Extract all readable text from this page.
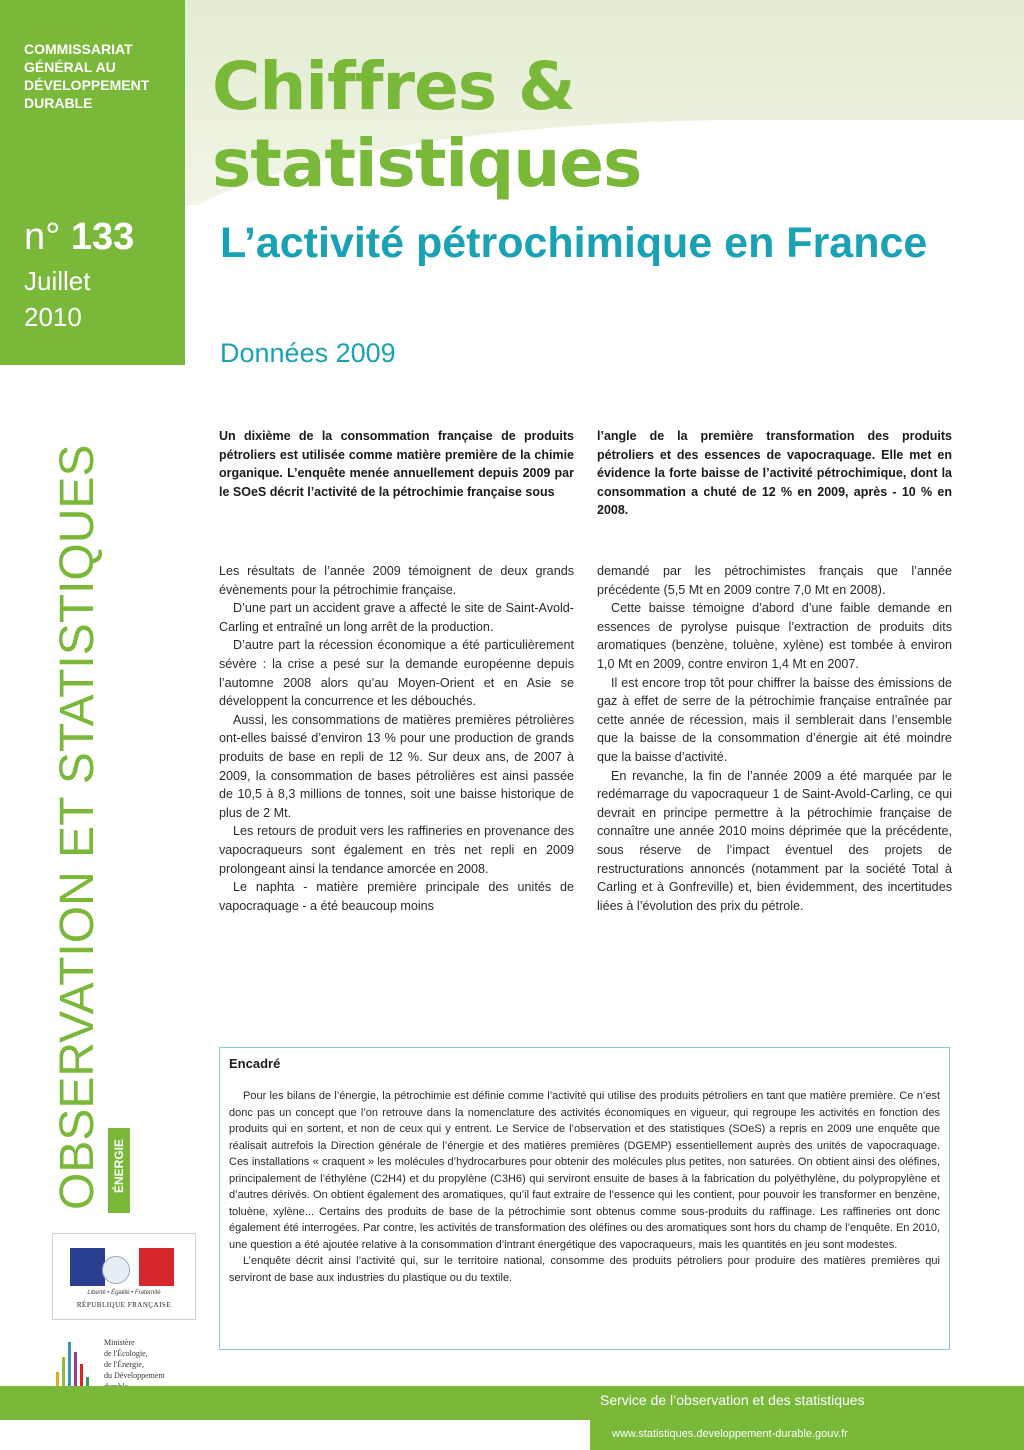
COMMISSARIAT
GÉNÉRAL AU
DÉVELOPPEMENT
DURABLE
n° 133
Juillet
2010
Chiffres & statistiques
L’activité pétrochimique en France
Données 2009
OBSERVATION ET STATISTIQUES ÉNERGIE
Liberté • Égalité • Fraternité
RÉPUBLIQUE FRANÇAISE
Ministère
de l'Écologie,
de l'Énergie,
du Développement
Un dixième de la consommation française de produits pétroliers est utilisée comme matière première de la chimie organique. L’enquête menée annuellement depuis 2009 par le SOeS décrit l’activité de la pétrochimie française sous
l’angle de la première transformation des produits pétroliers et des essences de vapocraquage. Elle met en évidence la forte baisse de l’activité pétrochimique, dont la consommation a chuté de 12 % en 2009, après - 10 % en 2008.

Les résultats de l’année 2009 témoignent de deux grands évènements pour la pétrochimie française.

D’une part un accident grave a affecté le site de Saint-Avold-Carling et entraîné un long arrêt de la production.

D’autre part la récession économique a été particulièrement sévère : la crise a pesé sur la demande européenne depuis l’automne 2008 alors qu’au Moyen-Orient et en Asie se développent la concurrence et les débouchés.

Aussi, les consommations de matières premières pétrolières ont-elles baissé d’environ 13 % pour une production de grands produits de base en repli de 12 %. Sur deux ans, de 2007 à 2009, la consommation de bases pétrolières est ainsi passée de 10,5 à 8,3 millions de tonnes, soit une baisse historique de plus de 2 Mt.

Les retours de produit vers les raffineries en provenance des vapocraqueurs sont également en très net repli en 2009 prolongeant ainsi la tendance amorcée en 2008.

Le naphta - matière première principale des unités de vapocraquage - a été beaucoup moins

demandé par les pétrochimistes français que l’année précédente (5,5 Mt en 2009 contre 7,0 Mt en 2008).

Cette baisse témoigne d’abord d’une faible demande en essences de pyrolyse puisque l’extraction de produits dits aromatiques (benzène, toluène, xylène) est tombée à environ 1,0 Mt en 2009, contre environ 1,4 Mt en 2007.

Il est encore trop tôt pour chiffrer la baisse des émissions de gaz à effet de serre de la pétrochimie française entraînée par cette année de récession, mais il semblerait dans l’ensemble que la baisse de la consommation d’énergie ait été moindre que la baisse d’activité.

En revanche, la fin de l’année 2009 a été marquée par le redémarrage du vapocraqueur 1 de Saint-Avold-Carling, ce qui devrait en principe permettre à la pétrochimie française de connaître une année 2010 moins déprimée que la précédente, sous réserve de l’impact éventuel des projets de restructurations annoncés (notamment par la société Total à Carling et à Gonfreville) et, bien évidemment, des incertitudes liées à l’évolution des prix du pétrole.

Encadré

Pour les bilans de l’énergie, la pétrochimie est définie comme l’activité qui utilise des produits pétroliers en tant que matière première. Ce n’est donc pas un concept que l’on retrouve dans la nomenclature des activités économiques en vigueur, qui regroupe les activités en fonction des produits qui en sortent, et non de ceux qui y entrent. Le Service de l’observation et des statistiques (SOeS) a repris en 2009 une enquête que réalisait autrefois la Direction générale de l’énergie et des matières premières (DGEMP) essentiellement auprès des unités de vapocraquage. Ces installations « craquent » les molécules d’hydrocarbures pour obtenir des molécules plus petites, non saturées. On obtient ainsi des oléfines, principalement de l’éthylène (C2H4) et du propylène (C3H6) qui serviront ensuite de bases à la fabrication du polyéthylène, du polypropylène et d’autres dérivés. On obtient également des aromatiques, qu’il faut extraire de l’essence qui les contient, pour pouvoir les transformer en benzène, toluène, xylène... Certains des produits de base de la pétrochimie sont obtenus comme sous-produits du raffinage. Les raffineries ont donc également été interrogées. Par contre, les activités de transformation des oléfines ou des aromatiques sont hors du champ de l’enquête. En 2010, une question a été ajoutée relative à la consommation d’intrant énergétique des vapocraqueurs, mais les quantités en jeu sont modestes.

L’enquête décrit ainsi l’activité qui, sur le territoire national, consomme des produits pétroliers pour produire des matières premières qui serviront de base aux industries du plastique ou du textile.

Service de l’observation et des statistiques
www.statistiques.developpement-durable.gouv.fr
